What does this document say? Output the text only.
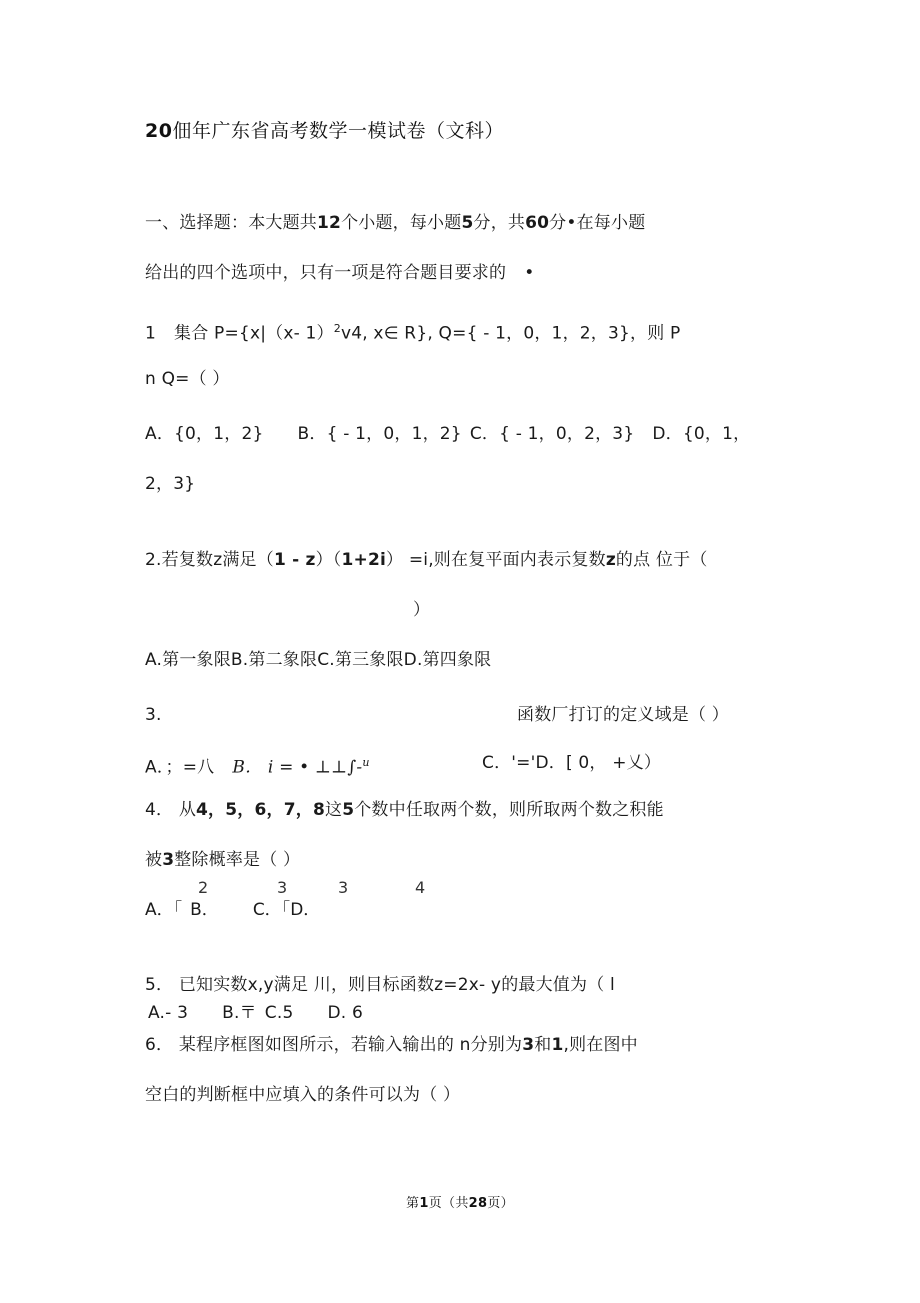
20佃年广东省高考数学一模试卷（文科）
一、选择题：本大题共12个小题，每小题5分，共60分•在每小题
给出的四个选项中，只有一项是符合题目要求的 •
1 集合 P={x|（x- 1）$^2$v4, x∈ R}, Q={ - 1，0，1，2，3}，则 P
n Q=（ ）
A．{0，1，2} B．{ - 1，0，1，2} C．{ - 1，0，2，3} D．{0，1，
2，3}
2.若复数z满足（1 - z）（1+2i） =i,则在复平面内表示复数z的点 位于（
）
A.第一象限B.第二象限C.第三象限D.第四象限
3.	函数厂打订的定义域是（ ）
A．；=八 B． i = • ⊥⊥∫-$^u$	C．'='D．[ 0， +乂）
4． 从4，5，6，7，8这5个数中任取两个数，则所取两个数之积能
被3整除概率是（ ）
2	3	3	4
A．「 B． C．「D．
5． 已知实数x,y满足 川，则目标函数z=2x- y的最大值为（ l
A.- 3 B.〒 C.5 D. 6
6． 某程序框图如图所示，若输入输出的 n分别为3和1,则在图中
空白的判断框中应填入的条件可以为（ ）
第1页（共28页）
